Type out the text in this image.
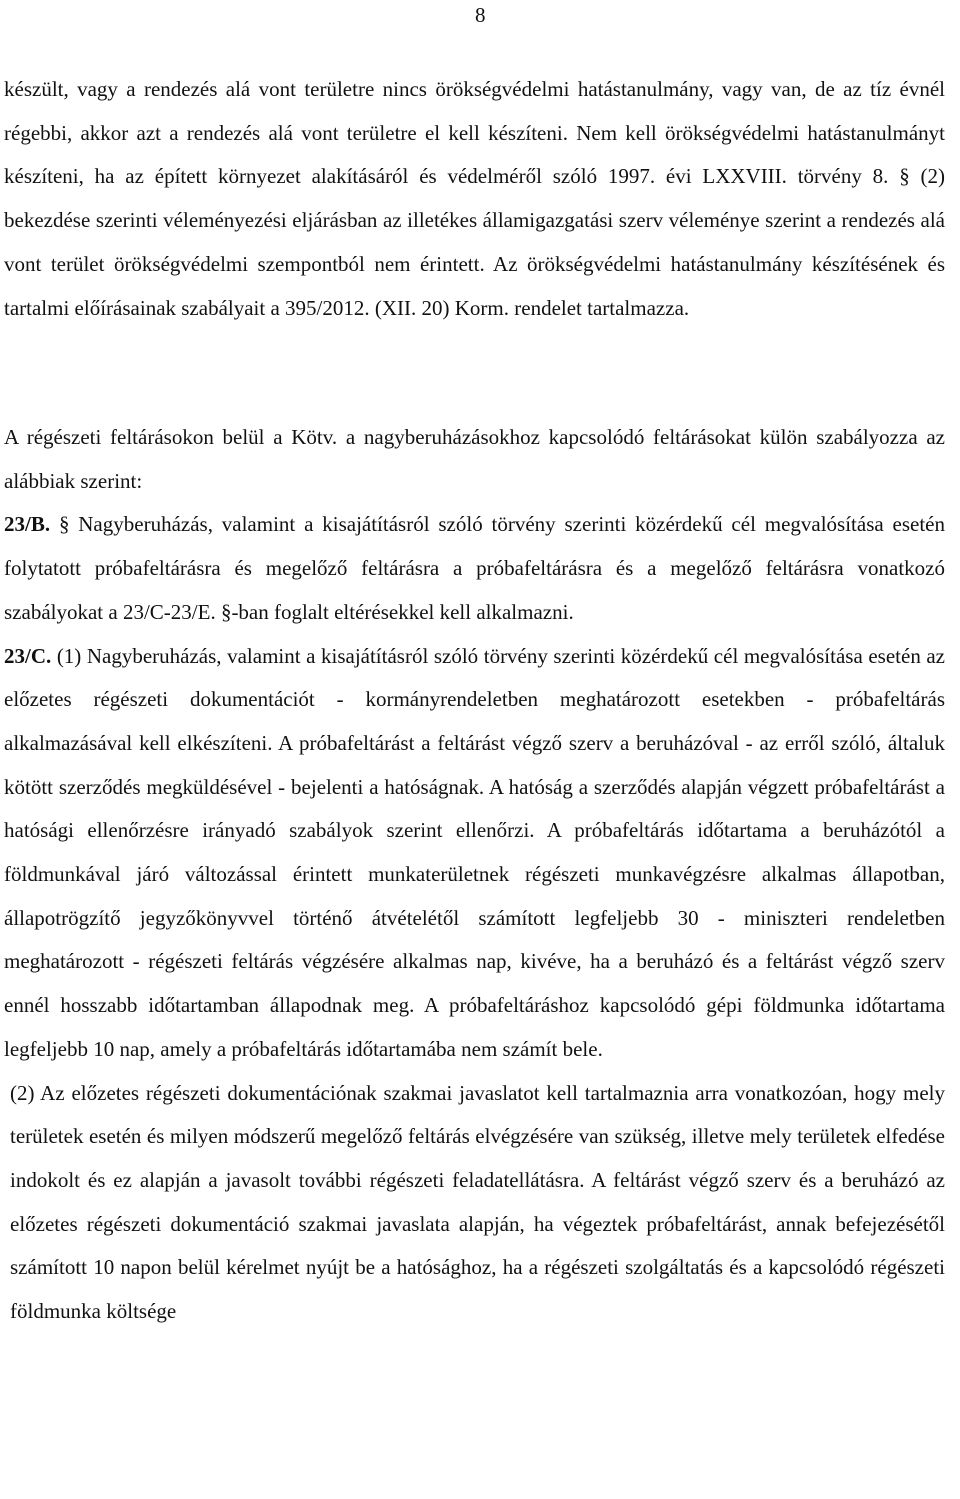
8

készült, vagy a rendezés alá vont területre nincs örökségvédelmi hatástanulmány, vagy van, de az tíz évnél régebbi, akkor azt a rendezés alá vont területre el kell készíteni. Nem kell örökségvédelmi hatástanulmányt készíteni, ha az épített környezet alakításáról és védelméről szóló 1997. évi LXXVIII. törvény 8. § (2) bekezdése szerinti véleményezési eljárásban az illetékes államigazgatási szerv véleménye szerint a rendezés alá vont terület örökségvédelmi szempontból nem érintett. Az örökségvédelmi hatástanulmány készítésének és tartalmi előírásainak szabályait a 395/2012. (XII. 20) Korm. rendelet tartalmazza.

A régészeti feltárásokon belül a Kötv. a nagyberuházásokhoz kapcsolódó feltárásokat külön szabályozza az alábbiak szerint:

23/B. § Nagyberuházás, valamint a kisajátításról szóló törvény szerinti közérdekű cél megvalósítása esetén folytatott próbafeltárásra és megelőző feltárásra a próbafeltárásra és a megelőző feltárásra vonatkozó szabályokat a 23/C-23/E. §-ban foglalt eltérésekkel kell alkalmazni.

23/C. (1) Nagyberuházás, valamint a kisajátításról szóló törvény szerinti közérdekű cél megvalósítása esetén az előzetes régészeti dokumentációt - kormányrendeletben meghatározott esetekben - próbafeltárás alkalmazásával kell elkészíteni. A próbafeltárást a feltárást végző szerv a beruházóval - az erről szóló, általuk kötött szerződés megküldésével - bejelenti a hatóságnak. A hatóság a szerződés alapján végzett próbafeltárást a hatósági ellenőrzésre irányadó szabályok szerint ellenőrzi. A próbafeltárás időtartama a beruházótól a földmunkával járó változással érintett munkaterületnek régészeti munkavégzésre alkalmas állapotban, állapotrögzítő jegyzőkönyvvel történő átvételétől számított legfeljebb 30 - miniszteri rendeletben meghatározott - régészeti feltárás végzésére alkalmas nap, kivéve, ha a beruházó és a feltárást végző szerv ennél hosszabb időtartamban állapodnak meg. A próbafeltáráshoz kapcsolódó gépi földmunka időtartama legfeljebb 10 nap, amely a próbafeltárás időtartamába nem számít bele.

(2) Az előzetes régészeti dokumentációnak szakmai javaslatot kell tartalmaznia arra vonatkozóan, hogy mely területek esetén és milyen módszerű megelőző feltárás elvégzésére van szükség, illetve mely területek elfedése indokolt és ez alapján a javasolt további régészeti feladatellátásra. A feltárást végző szerv és a beruházó az előzetes régészeti dokumentáció szakmai javaslata alapján, ha végeztek próbafeltárást, annak befejezésétől számított 10 napon belül kérelmet nyújt be a hatósághoz, ha a régészeti szolgáltatás és a kapcsolódó régészeti földmunka költsége
